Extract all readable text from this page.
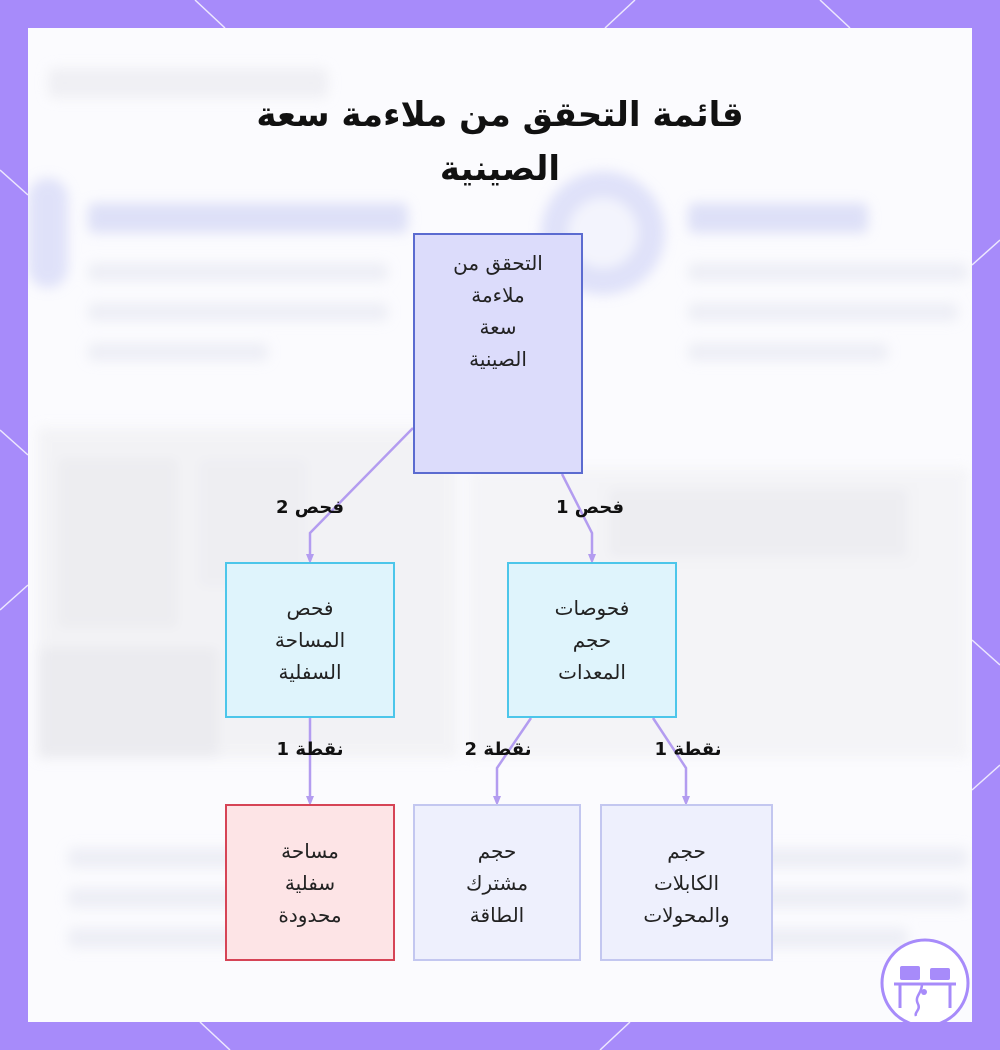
قائمة التحقق من ملاءمة سعة
الصينية
فحص 2	فحص 1
نقطة 1	نقطة 2	نقطة 1
التحقق من
ملاءمة
سعة
الصينية
فحص
المساحة
السفلية
فحوصات
حجم
المعدات
مساحة
سفلية
محدودة
حجم
مشترك
الطاقة
حجم
الكابلات
والمحولات
